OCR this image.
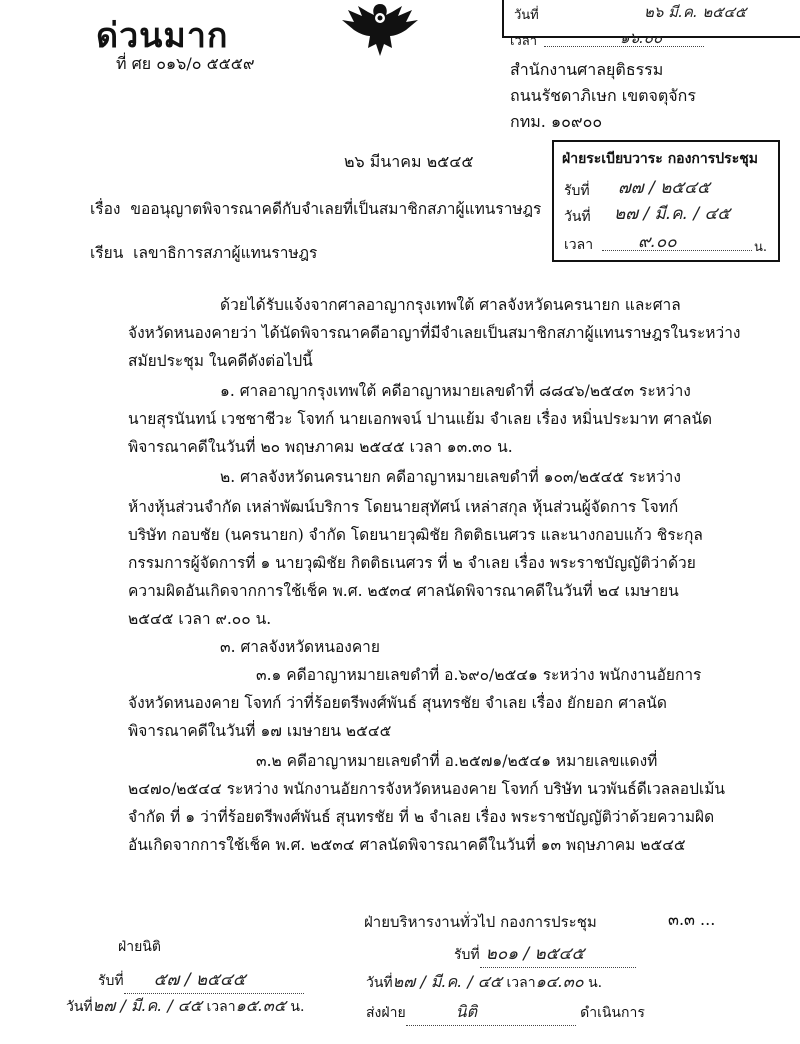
ด่วนมาก
ที่ ศย ๐๑๖/๐ ๕๕๕๙
วันที่	๒๖ มี.ค. ๒๕๔๕
เวลา	๑๖.๐๐
สำนักงานศาลยุติธรรม
ถนนรัชดาภิเษก เขตจตุจักร
กทม. ๑๐๙๐๐
๒๖ มีนาคม ๒๕๔๕	ฝ่ายระเบียบวาระ กองการประชุม
รับที่ ๗๗ / ๒๕๔๕
วันที่ ๒๗ / มี.ค. / ๔๕
เวลา	๙.๐๐	น.
เรื่อง ขออนุญาตพิจารณาคดีกับจำเลยที่เป็นสมาชิกสภาผู้แทนราษฎร
เรียน เลขาธิการสภาผู้แทนราษฎร
ด้วยได้รับแจ้งจากศาลอาญากรุงเทพใต้ ศาลจังหวัดนครนายก และศาล
จังหวัดหนองคายว่า ได้นัดพิจารณาคดีอาญาที่มีจำเลยเป็นสมาชิกสภาผู้แทนราษฎรในระหว่าง
สมัยประชุม ในคดีดังต่อไปนี้
๑. ศาลอาญากรุงเทพใต้ คดีอาญาหมายเลขดำที่ ๘๘๔๖/๒๕๔๓ ระหว่าง
นายสุรนันทน์ เวชชาชีวะ โจทก์ นายเอกพจน์ ปานแย้ม จำเลย เรื่อง หมิ่นประมาท ศาลนัด
พิจารณาคดีในวันที่ ๒๐ พฤษภาคม ๒๕๔๕ เวลา ๑๓.๓๐ น.
๒. ศาลจังหวัดนครนายก คดีอาญาหมายเลขดำที่ ๑๐๓/๒๕๔๕ ระหว่าง
ห้างหุ้นส่วนจำกัด เหล่าพัฒน์บริการ โดยนายสุทัศน์ เหล่าสกุล หุ้นส่วนผู้จัดการ โจทก์
บริษัท กอบชัย (นครนายก) จำกัด โดยนายวุฒิชัย กิตติธเนศวร และนางกอบแก้ว ชิระกุล
กรรมการผู้จัดการที่ ๑ นายวุฒิชัย กิตติธเนศวร ที่ ๒ จำเลย เรื่อง พระราชบัญญัติว่าด้วย
ความผิดอันเกิดจากการใช้เช็ค พ.ศ. ๒๕๓๔ ศาลนัดพิจารณาคดีในวันที่ ๒๔ เมษายน
๒๕๔๕ เวลา ๙.๐๐ น.
๓. ศาลจังหวัดหนองคาย
๓.๑ คดีอาญาหมายเลขดำที่ อ.๖๙๐/๒๕๔๑ ระหว่าง พนักงานอัยการ
จังหวัดหนองคาย โจทก์ ว่าที่ร้อยตรีพงศ์พันธ์ สุนทรชัย จำเลย เรื่อง ยักยอก ศาลนัด
พิจารณาคดีในวันที่ ๑๗ เมษายน ๒๕๔๕
๓.๒ คดีอาญาหมายเลขดำที่ อ.๒๕๗๑/๒๕๔๑ หมายเลขแดงที่
๒๔๗๐/๒๕๔๔ ระหว่าง พนักงานอัยการจังหวัดหนองคาย โจทก์ บริษัท นวพันธ์ดีเวลลอปเม้น
จำกัด ที่ ๑ ว่าที่ร้อยตรีพงศ์พันธ์ สุนทรชัย ที่ ๒ จำเลย เรื่อง พระราชบัญญัติว่าด้วยความผิด
อันเกิดจากการใช้เช็ค พ.ศ. ๒๕๓๔ ศาลนัดพิจารณาคดีในวันที่ ๑๓ พฤษภาคม ๒๕๔๕
๓.๓ ...
ฝ่ายนิติ
รับที่ ๕๗ / ๒๕๔๕
วันที่๒๗ / มี.ค. / ๔๕ เวลา๑๕.๓๕ น.
ฝ่ายบริหารงานทั่วไป กองการประชุม
รับที่ ๒๐๑ / ๒๕๔๕
วันที่๒๗ / มี.ค. / ๔๕ เวลา๑๔.๓๐ น.
ส่งฝ่าย	นิติ	ดำเนินการ
